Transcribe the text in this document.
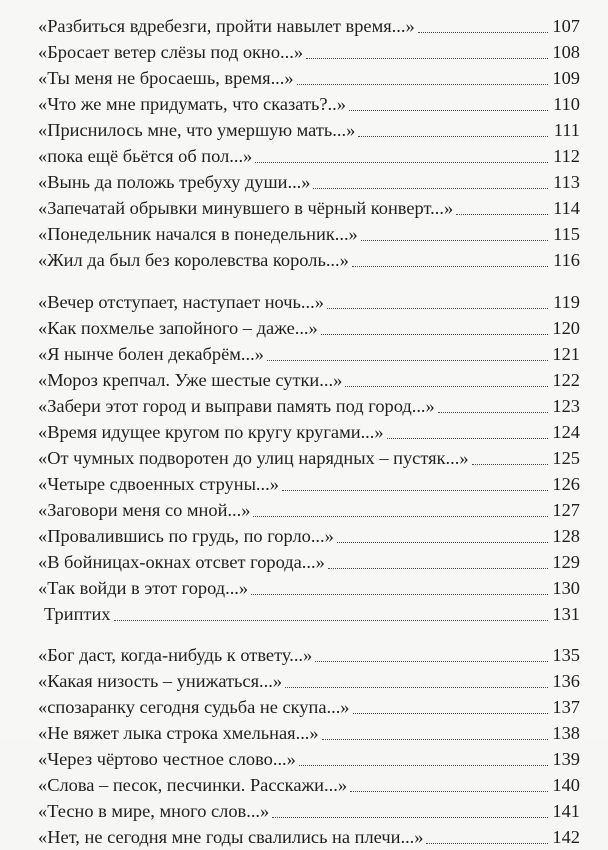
«Разбиться вдребезги, пройти навылет время...»	107
«Бросает ветер слёзы под окно...»	108
«Ты меня не бросаешь, время...»	109
«Что же мне придумать, что сказать?..»	110
«Приснилось мне, что умершую мать...»	111
«пока ещё бьётся об пол...»	112
«Вынь да положь требуху души...»	113
«Запечатай обрывки минувшего в чёрный конверт...»	114
«Понедельник начался в понедельник...»	115
«Жил да был без королевства король...»	116
«Вечер отступает, наступает ночь...»	119
«Как похмелье запойного – даже...»	120
«Я нынче болен декабрём...»	121
«Мороз крепчал. Уже шестые сутки...»	122
«Забери этот город и выправи память под город...»	123
«Время идущее кругом по кругу кругами...»	124
«От чумных подворотен до улиц нарядных – пустяк...»	125
«Четыре сдвоенных струны...»	126
«Заговори меня со мной...»	127
«Провалившись по грудь, по горло...»	128
«В бойницах-окнах отсвет города...»	129
«Так войди в этот город...»	130
Триптих	131
«Бог даст, когда-нибудь к ответу...»	135
«Какая низость – унижаться...»	136
«спозаранку сегодня судьба не скупа...»	137
«Не вяжет лыка строка хмельная...»	138
«Через чёртово честное слово...»	139
«Слова – песок, песчинки. Расскажи...»	140
«Тесно в мире, много слов...»	141
«Нет, не сегодня мне годы свалились на плечи...»	142
